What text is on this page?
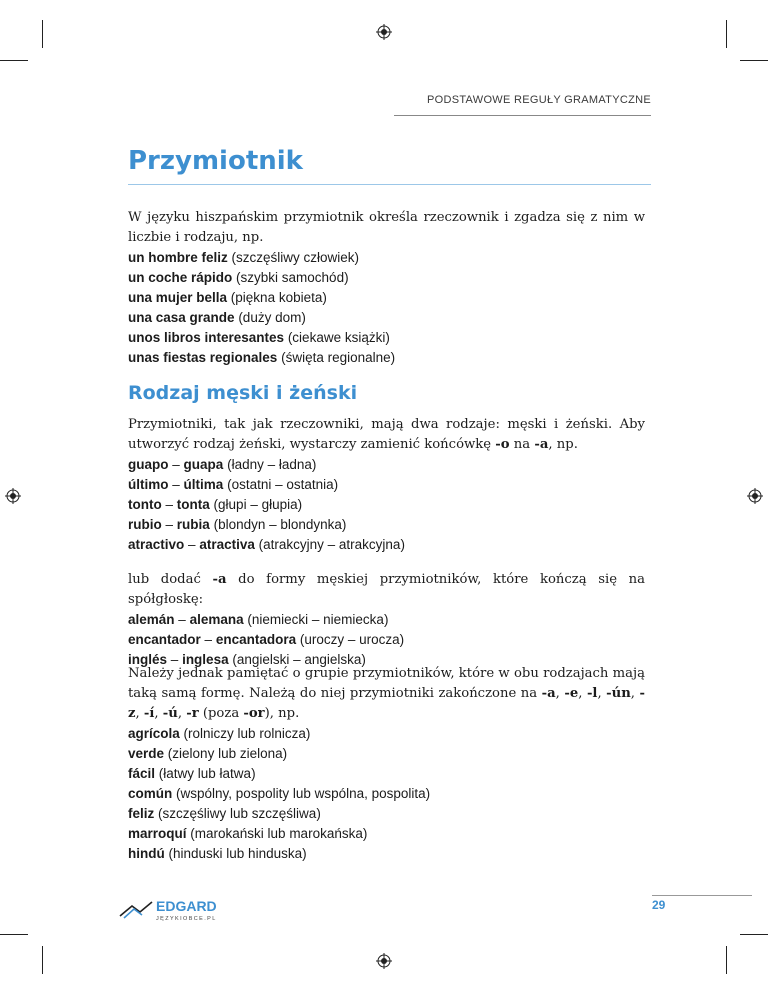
PODSTAWOWE REGUŁY GRAMATYCZNE
Przymiotnik
W języku hiszpańskim przymiotnik określa rzeczownik i zgadza się z nim w liczbie i rodzaju, np.
un hombre feliz (szczęśliwy człowiek)
un coche rápido (szybki samochód)
una mujer bella (piękna kobieta)
una casa grande (duży dom)
unos libros interesantes (ciekawe książki)
unas fiestas regionales (święta regionalne)
Rodzaj męski i żeński
Przymiotniki, tak jak rzeczowniki, mają dwa rodzaje: męski i żeński. Aby utworzyć rodzaj żeński, wystarczy zamienić końcówkę -o na -a, np.
guapo – guapa (ładny – ładna)
último – última (ostatni – ostatnia)
tonto – tonta (głupi – głupia)
rubio – rubia (blondyn – blondynka)
atractivo – atractiva (atrakcyjny – atrakcyjna)
lub dodać -a do formy męskiej przymiotników, które kończą się na spółgłoskę:
alemán – alemana (niemiecki – niemiecka)
encantador – encantadora (uroczy – urocza)
inglés – inglesa (angielski – angielska)
Należy jednak pamiętać o grupie przymiotników, które w obu rodzajach mają taką samą formę. Należą do niej przymiotniki zakończone na -a, -e, -l, -ún, -z, -í, -ú, -r (poza -or), np.
agrícola (rolniczy lub rolnicza)
verde (zielony lub zielona)
fácil (łatwy lub łatwa)
común (wspólny, pospolity lub wspólna, pospolita)
feliz (szczęśliwy lub szczęśliwa)
marroquí (marokański lub marokańska)
hindú (hinduski lub hinduska)
EDGARD
JĘZYKIOBCE.PL
29
